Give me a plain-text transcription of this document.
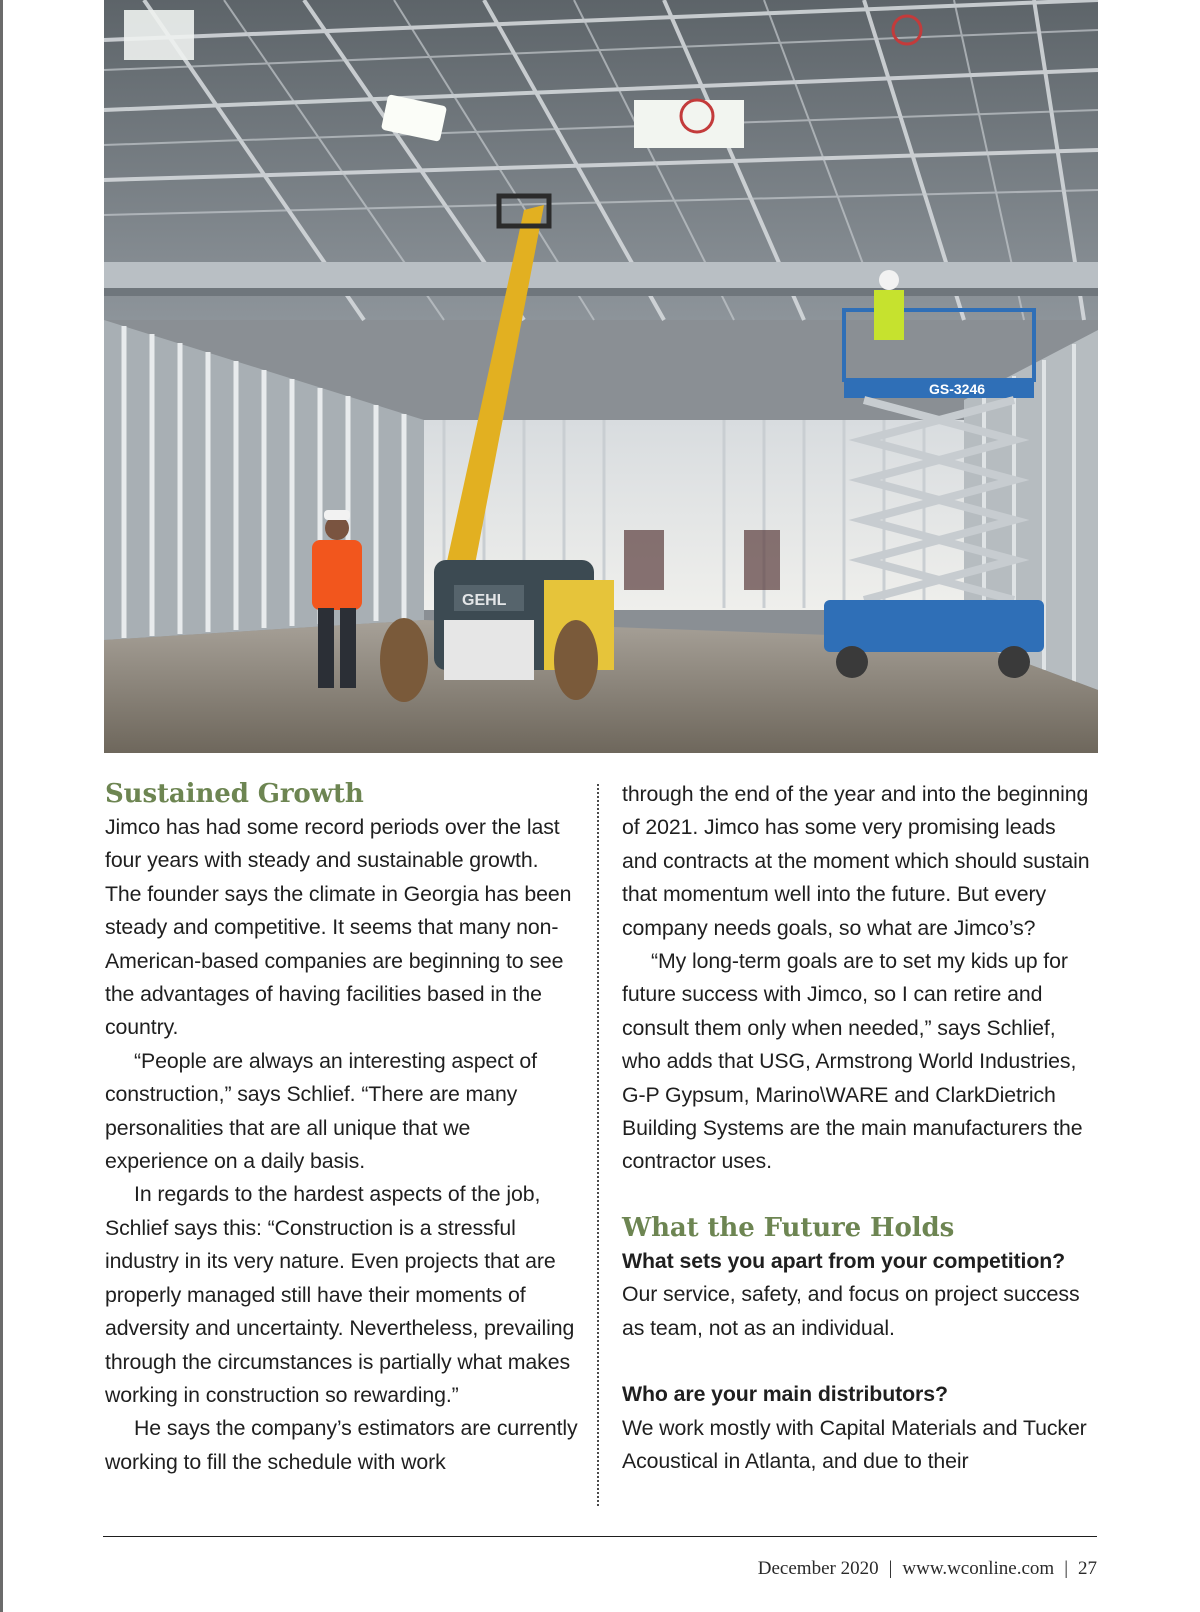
GEHL
GS-3246
Sustained Growth

Jimco has had some record periods over the last four years with steady and sustainable growth. The founder says the climate in Georgia has been steady and competitive. It seems that many non-American-based companies are beginning to see the advantages of having facilities based in the country.

“People are always an interesting aspect of construction,” says Schlief. “There are many personalities that are all unique that we experience on a daily basis.

In regards to the hardest aspects of the job, Schlief says this: “Construction is a stressful industry in its very nature. Even projects that are properly managed still have their moments of adversity and uncertainty. Nevertheless, prevailing through the circumstances is partially what makes working in construction so rewarding.”

He says the company’s estimators are currently working to fill the schedule with work

through the end of the year and into the beginning of 2021. Jimco has some very promising leads and contracts at the moment which should sustain that momentum well into the future. But every company needs goals, so what are Jimco’s?

“My long-term goals are to set my kids up for future success with Jimco, so I can retire and consult them only when needed,” says Schlief, who adds that USG, Armstrong World Industries, G-P Gypsum, Marino\WARE and ClarkDietrich Building Systems are the main manufacturers the contractor uses.

What the Future Holds

What sets you apart from your competition?

Our service, safety, and focus on project success as team, not as an individual.

Who are your main distributors?

We work mostly with Capital Materials and Tucker Acoustical in Atlanta, and due to their

December 2020 | www.wconline.com | 27
